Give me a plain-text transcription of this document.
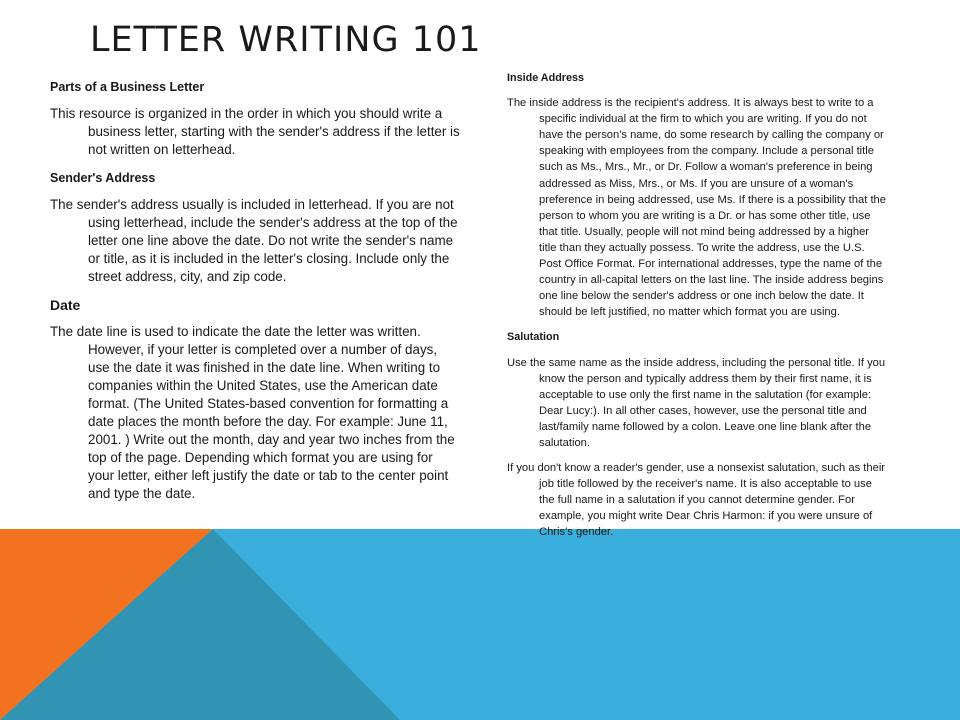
LETTER WRITING 101

Parts of a Business Letter

This resource is organized in the order in which you should write a business letter, starting with the sender's address if the letter is not written on letterhead.

Sender's Address

The sender's address usually is included in letterhead. If you are not using letterhead, include the sender's address at the top of the letter one line above the date. Do not write the sender's name or title, as it is included in the letter's closing. Include only the street address, city, and zip code.

Date

The date line is used to indicate the date the letter was written. However, if your letter is completed over a number of days, use the date it was finished in the date line. When writing to companies within the United States, use the American date format. (The United States-based convention for formatting a date places the month before the day. For example: June 11, 2001. ) Write out the month, day and year two inches from the top of the page. Depending which format you are using for your letter, either left justify the date or tab to the center point and type the date.

Inside Address

The inside address is the recipient's address. It is always best to write to a specific individual at the firm to which you are writing. If you do not have the person's name, do some research by calling the company or speaking with employees from the company. Include a personal title such as Ms., Mrs., Mr., or Dr. Follow a woman's preference in being addressed as Miss, Mrs., or Ms. If you are unsure of a woman's preference in being addressed, use Ms. If there is a possibility that the person to whom you are writing is a Dr. or has some other title, use that title. Usually, people will not mind being addressed by a higher title than they actually possess. To write the address, use the U.S. Post Office Format. For international addresses, type the name of the country in all-capital letters on the last line. The inside address begins one line below the sender's address or one inch below the date. It should be left justified, no matter which format you are using.

Salutation

Use the same name as the inside address, including the personal title. If you know the person and typically address them by their first name, it is acceptable to use only the first name in the salutation (for example: Dear Lucy:). In all other cases, however, use the personal title and last/family name followed by a colon. Leave one line blank after the salutation.

If you don't know a reader's gender, use a nonsexist salutation, such as their job title followed by the receiver's name. It is also acceptable to use the full name in a salutation if you cannot determine gender. For example, you might write Dear Chris Harmon: if you were unsure of Chris's gender.
